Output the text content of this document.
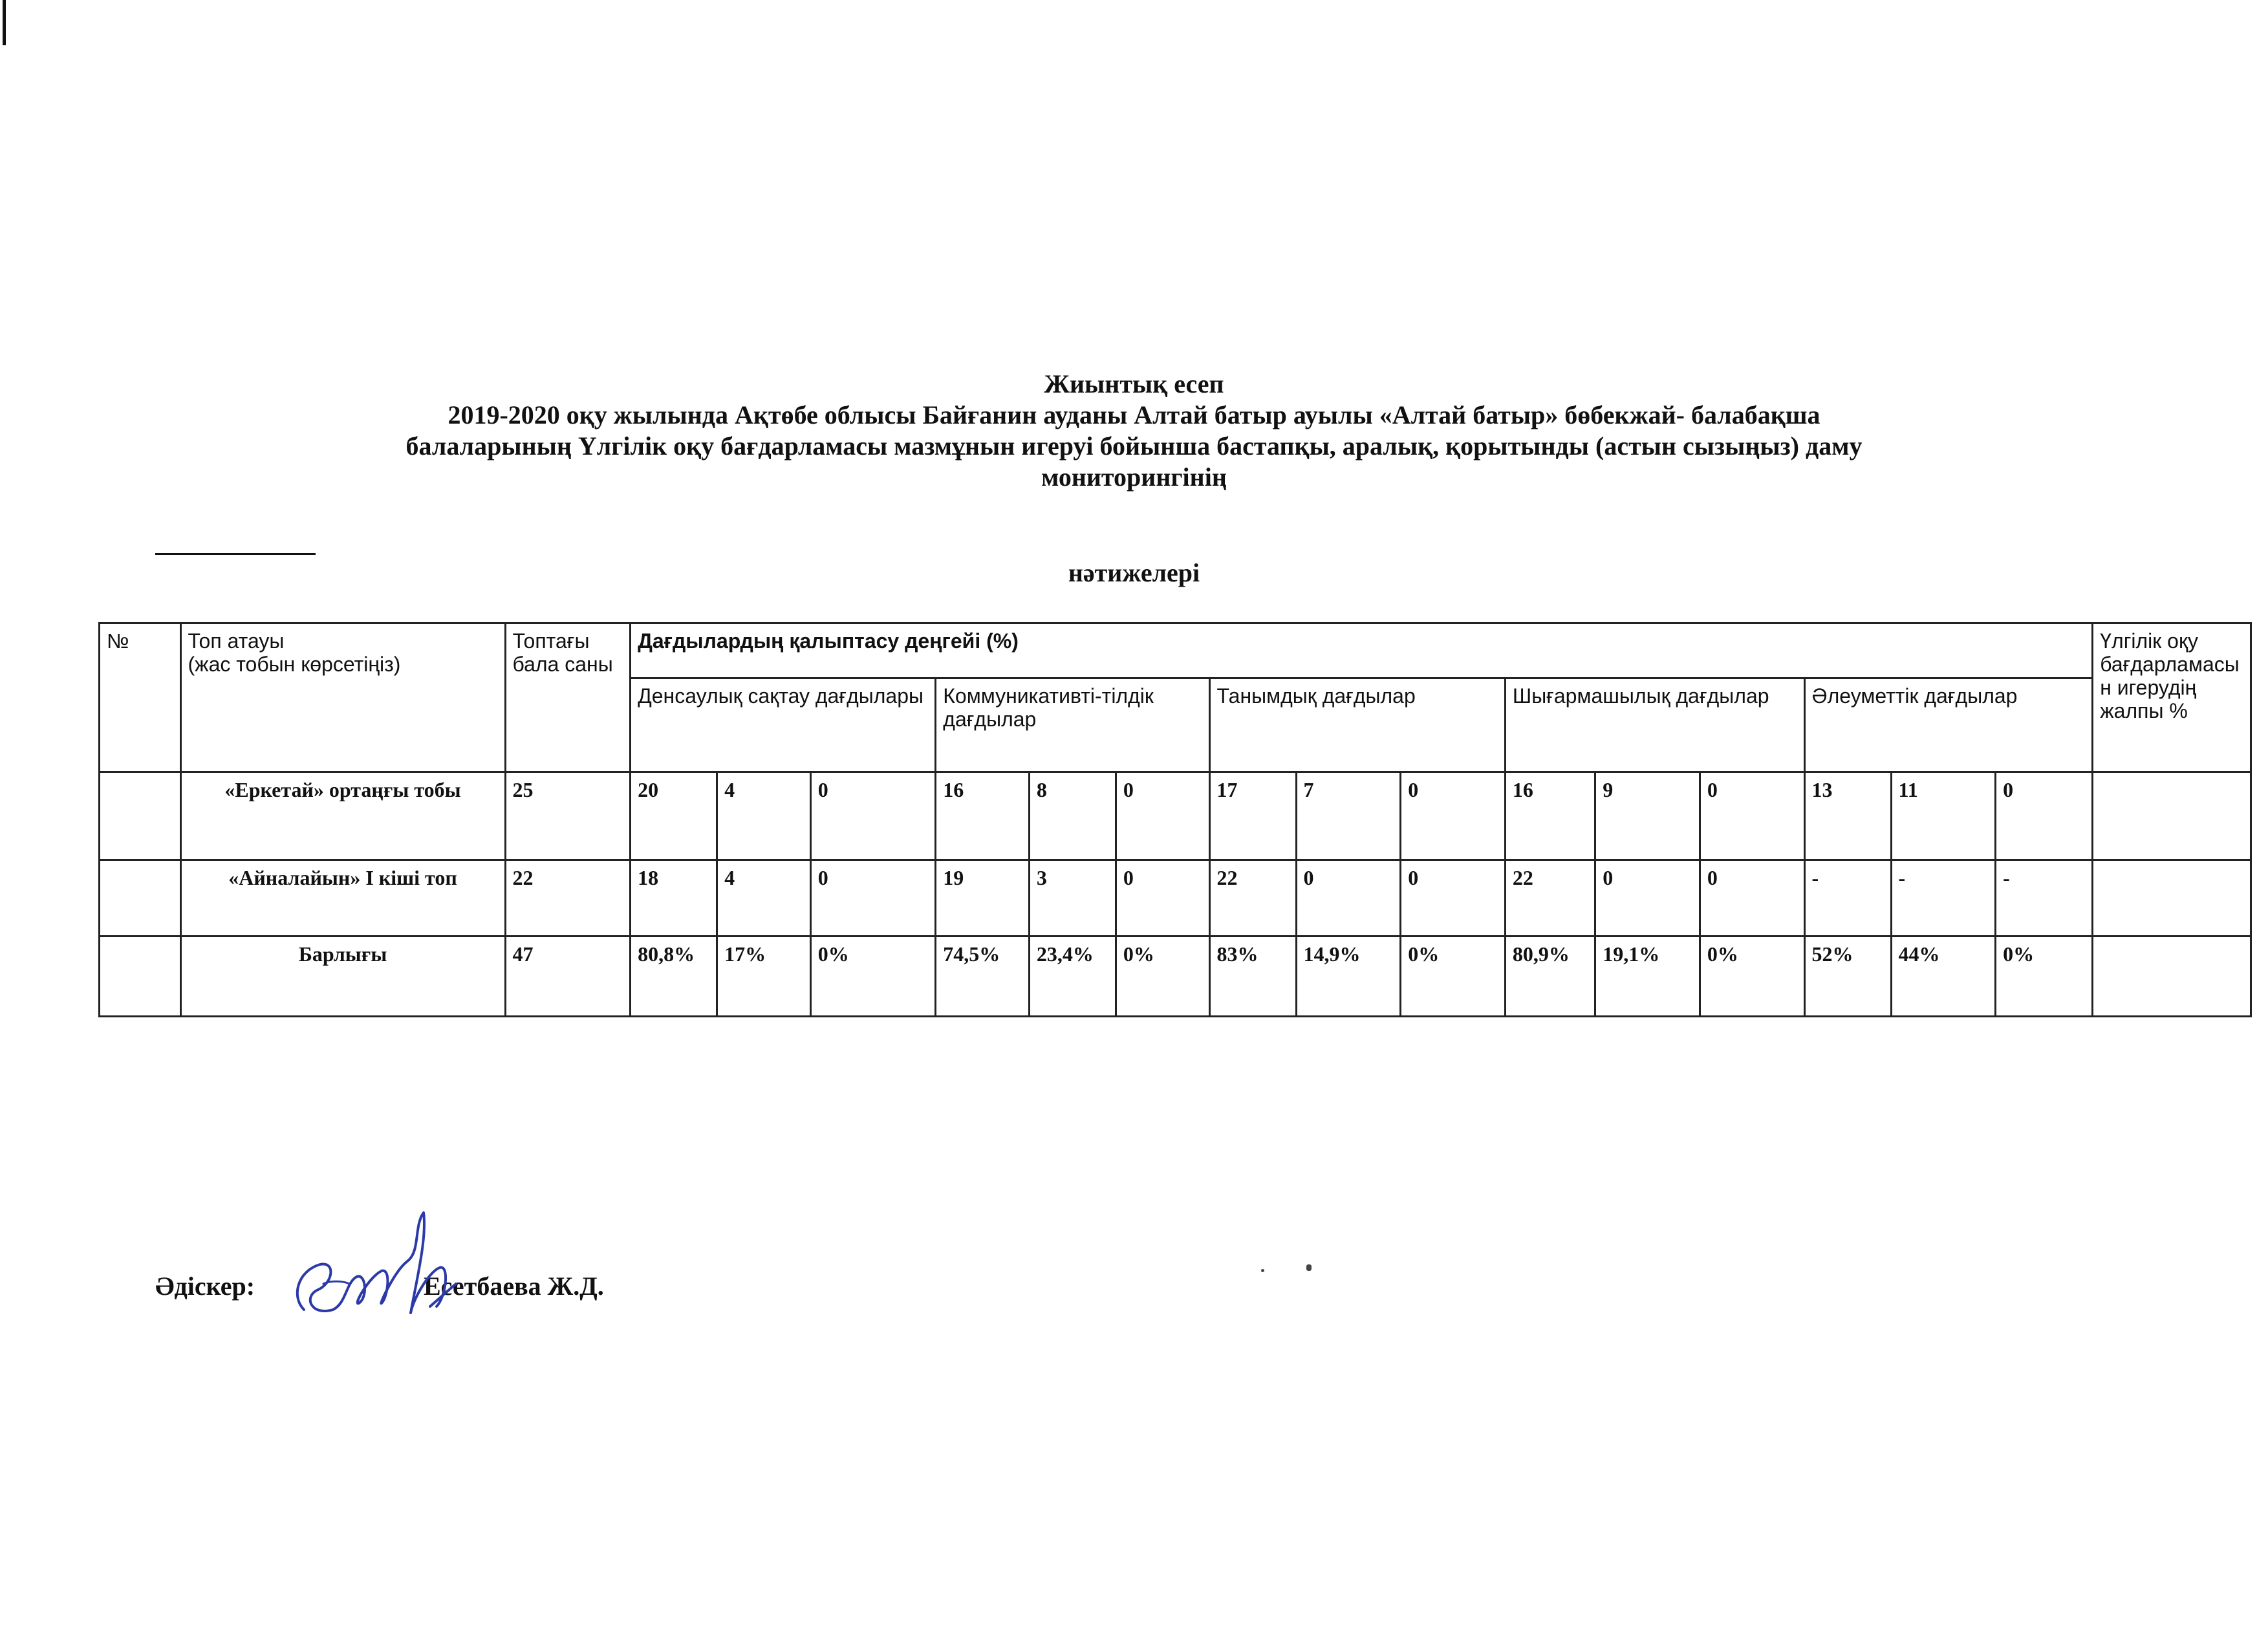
Жиынтық есеп
2019-2020 оқу жылында Ақтөбе облысы Байғанин ауданы Алтай батыр ауылы «Алтай батыр» бөбекжай- балабақша
балаларының Үлгілік оқу бағдарламасы мазмұнын игеруі бойынша бастапқы, аралық, қорытынды (астын сызыңыз) даму
мониторингінің
нәтижелері
№	Топ атауы
(жас тобын көрсетіңіз)	Топтағы бала саны	Дағдылардың қалыптасу деңгейі (%)															Үлгілік оқу бағдарламасын игерудің жалпы %
			Денсаулық сақтау дағдылары			Коммуникативті-тілдік дағдылар			Танымдық дағдылар			Шығармашылық дағдылар			Әлеуметтік дағдылар			
	«Еркетай» ортаңғы тобы	25	20	4	0	16	8	0	17	7	0	16	9	0	13	11	0	
	«Айналайын» І кіші топ	22	18	4	0	19	3	0	22	0	0	22	0	0	-	-	-	
	Барлығы	47	80,8%	17%	0%	74,5%	23,4%	0%	83%	14,9%	0%	80,9%	19,1%	0%	52%	44%	0%	
Әдіскер:	Есетбаева Ж.Д.
